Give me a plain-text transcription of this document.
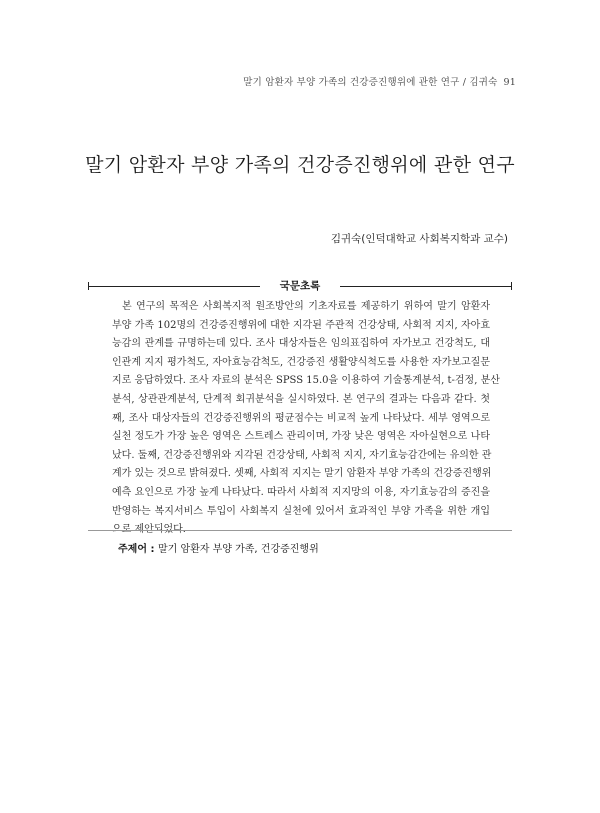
말기 암환자 부양 가족의 건강증진행위에 관한 연구 / 김귀숙 91
말기 암환자 부양 가족의 건강증진행위에 관한 연구
김귀숙(인덕대학교 사회복지학과 교수)
국문초록
본 연구의 목적은 사회복지적 원조방안의 기초자료를 제공하기 위하여 말기 암환자
부양 가족 102명의 건강증진행위에 대한 지각된 주관적 건강상태, 사회적 지지, 자아효
능감의 관계를 규명하는데 있다. 조사 대상자들은 임의표집하여 자가보고 건강척도, 대
인관계 지지 평가척도, 자아효능감척도, 건강증진 생활양식척도를 사용한 자가보고질문
지로 응답하였다. 조사 자료의 분석은 SPSS 15.0을 이용하여 기술통계분석, t-검정, 분산
분석, 상관관계분석, 단계적 회귀분석을 실시하였다. 본 연구의 결과는 다음과 같다. 첫
째, 조사 대상자들의 건강증진행위의 평균점수는 비교적 높게 나타났다. 세부 영역으로
실천 정도가 가장 높은 영역은 스트레스 관리이며, 가장 낮은 영역은 자아실현으로 나타
났다. 둘째, 건강증진행위와 지각된 건강상태, 사회적 지지, 자기효능감간에는 유의한 관
계가 있는 것으로 밝혀졌다. 셋째, 사회적 지지는 말기 암환자 부양 가족의 건강증진행위
예측 요인으로 가장 높게 나타났다. 따라서 사회적 지지망의 이용, 자기효능감의 증진을
반영하는 복지서비스 투입이 사회복지 실천에 있어서 효과적인 부양 가족을 위한 개입
으로 제안되었다.
주제어 : 말기 암환자 부양 가족, 건강증진행위
